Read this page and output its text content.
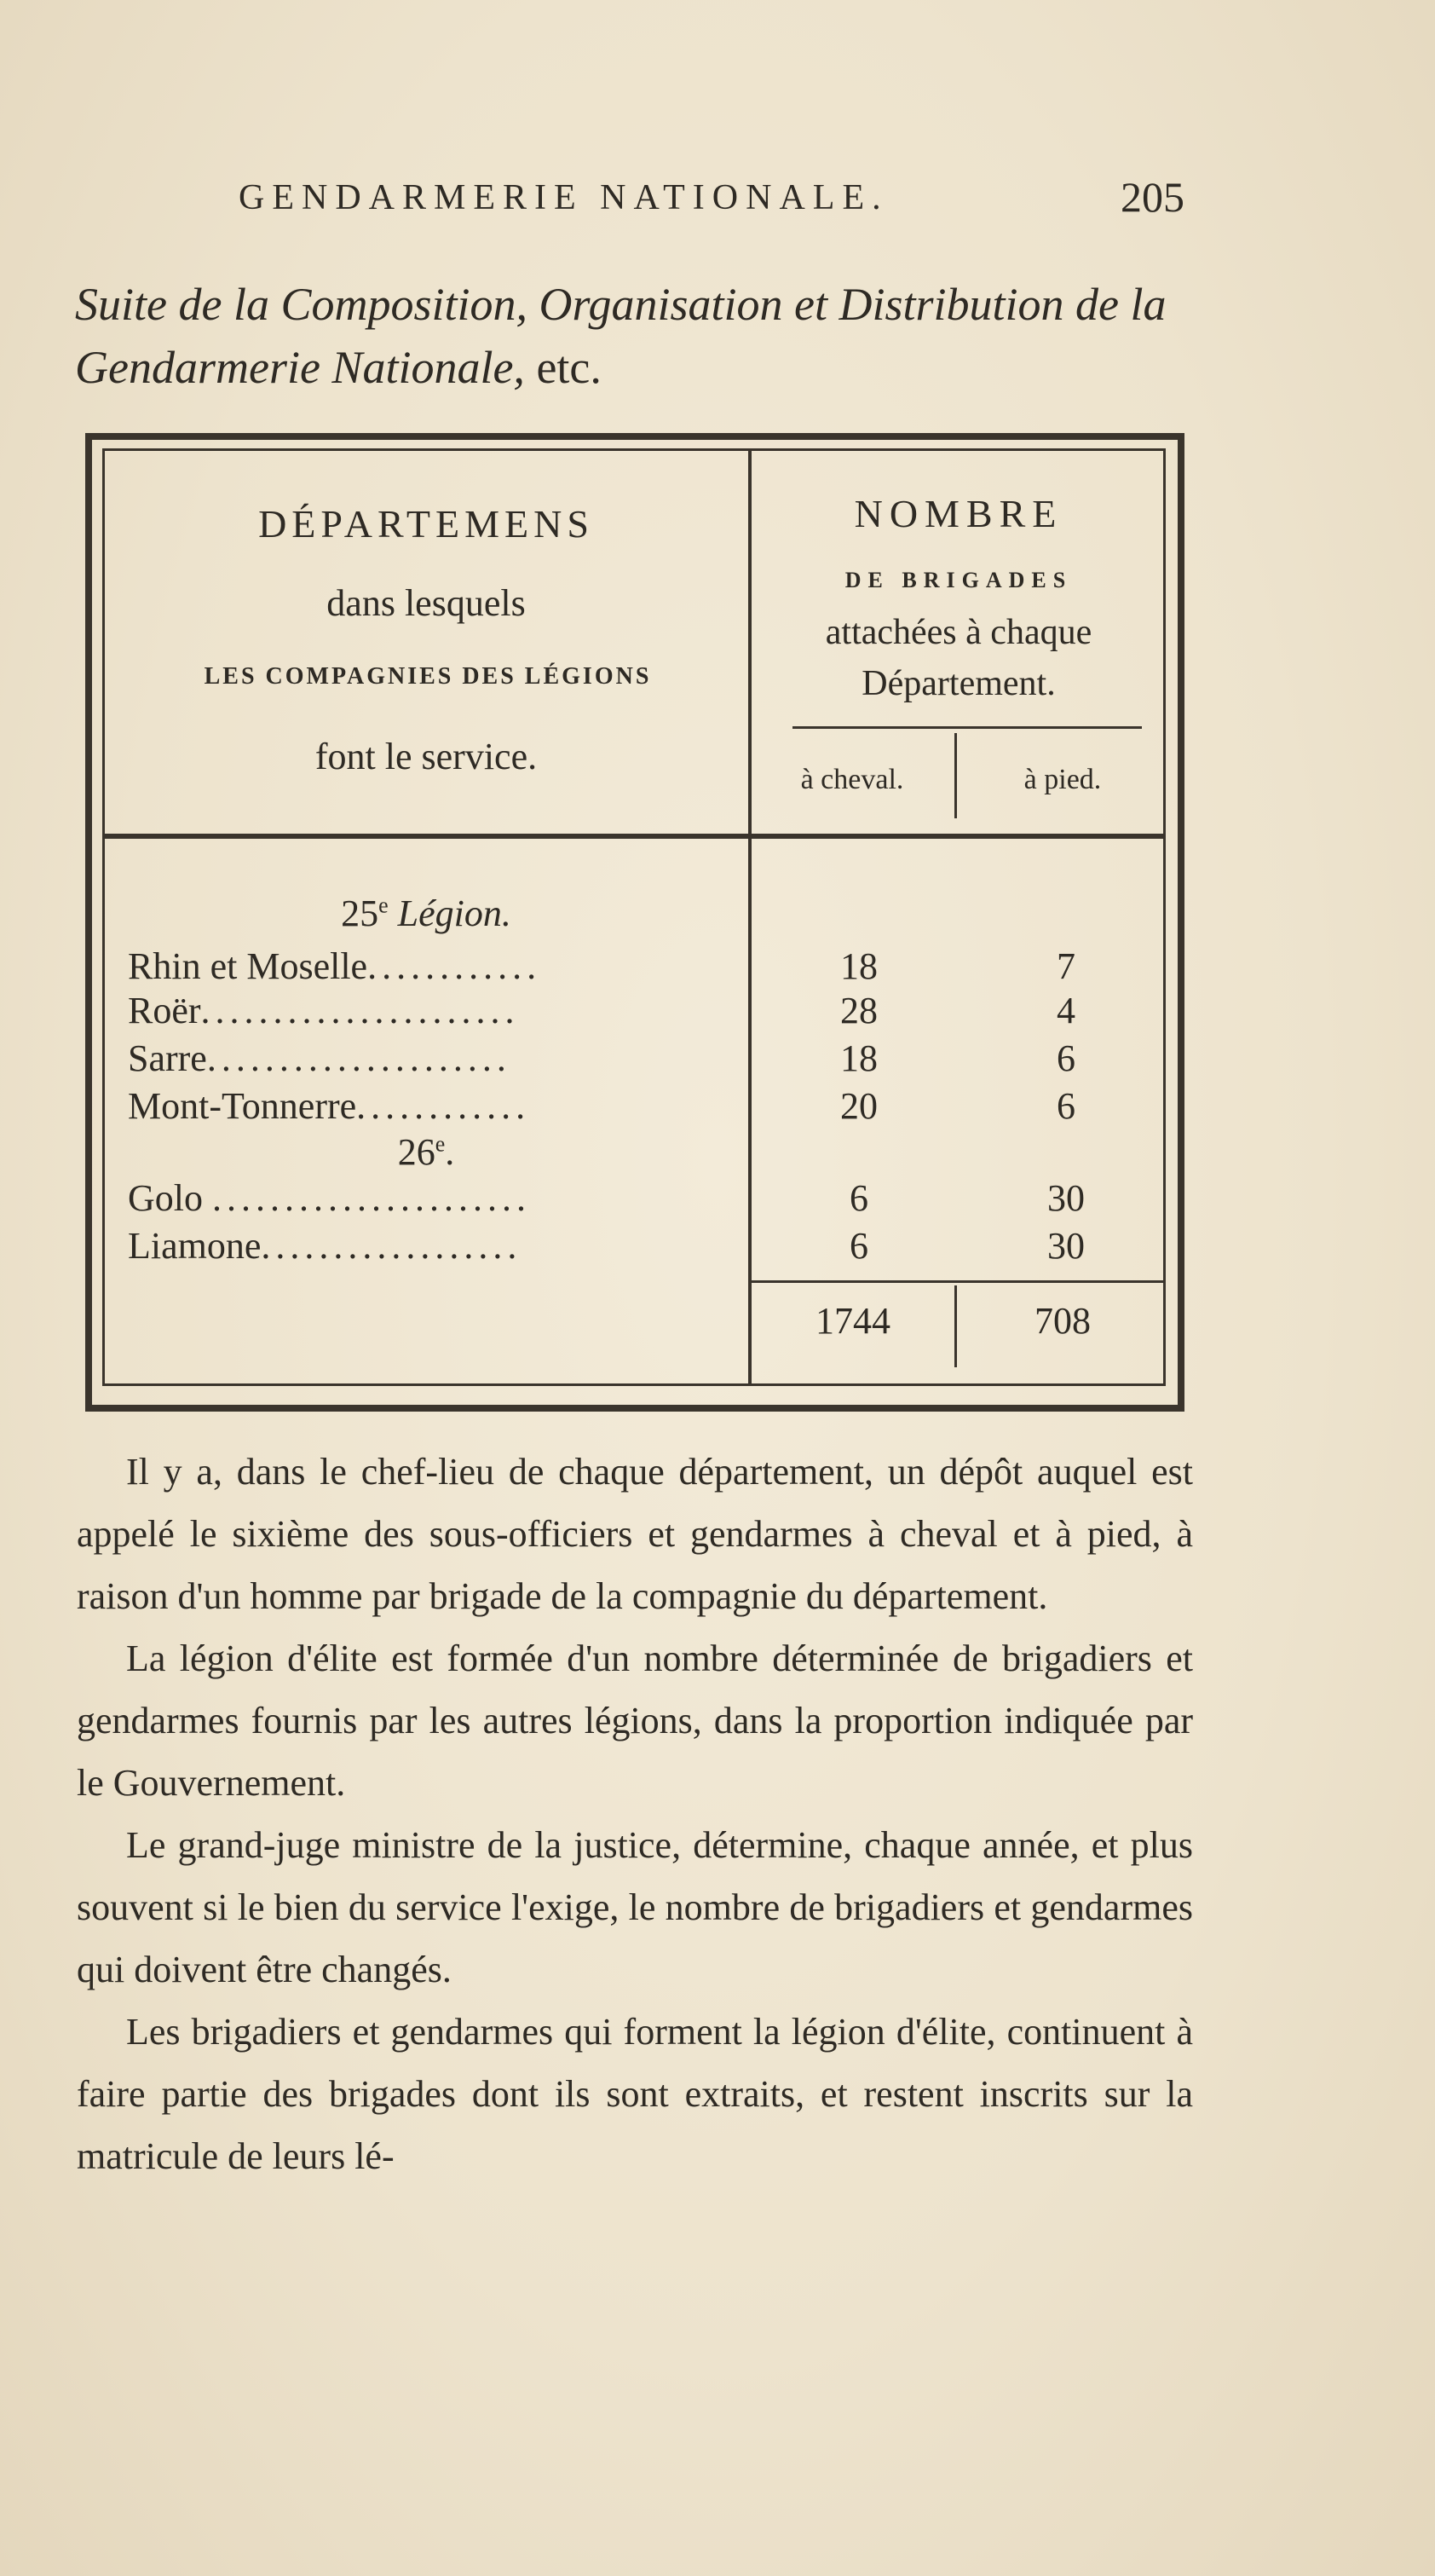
GENDARMERIE NATIONALE.	205
Suite de la Composition, Organisation et Distribution de la Gendarmerie Nationale, etc.
DÉPARTEMENS
dans lesquels
LES COMPAGNIES DES LÉGIONS
font le service.
NOMBRE
DE BRIGADES
attachées à chaque
Département.
à cheval.	à pied.
25e Légion.
Rhin et Moselle............	18	7
Roër......................	28	4
Sarre.....................	18	6
Mont-Tonnerre............	20	6
26e.
Golo ......................	6	30
Liamone..................	6	30
1744	708

Il y a, dans le chef-lieu de chaque département, un dépôt auquel est appelé le sixième des sous-officiers et gendarmes à cheval et à pied, à raison d'un homme par brigade de la compagnie du département.

La légion d'élite est formée d'un nombre déterminée de brigadiers et gendarmes fournis par les autres légions, dans la proportion indiquée par le Gouvernement.

Le grand-juge ministre de la justice, détermine, chaque année, et plus souvent si le bien du service l'exige, le nombre de brigadiers et gendarmes qui doivent être changés.

Les brigadiers et gendarmes qui forment la légion d'élite, continuent à faire partie des brigades dont ils sont extraits, et restent inscrits sur la matricule de leurs lé-
